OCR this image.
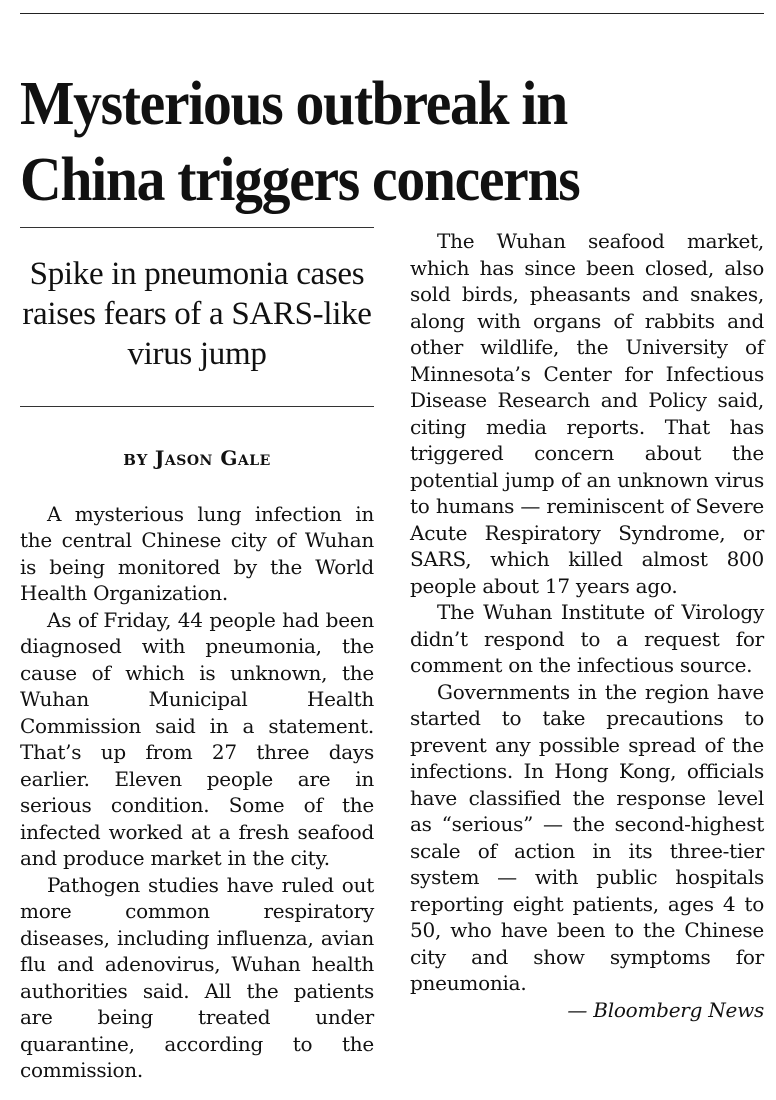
Mysterious outbreak in China triggers concerns
Spike in pneumonia cases raises fears of a SARS-like virus jump
BY Jason Gale

A mysterious lung infection in the central Chinese city of Wuhan is being monitored by the World Health Organization.

As of Friday, 44 people had been diagnosed with pneumonia, the cause of which is unknown, the Wuhan Municipal Health Commission said in a statement. That’s up from 27 three days earlier. Eleven people are in serious condition. Some of the infected worked at a fresh seafood and produce market in the city.

Pathogen studies have ruled out more common respiratory diseases, including influenza, avian flu and adenovirus, Wuhan health authorities said. All the patients are being treated under quarantine, according to the commission.

The Wuhan seafood market, which has since been closed, also sold birds, pheasants and snakes, along with organs of rabbits and other wildlife, the University of Minnesota’s Center for Infectious Disease Research and Policy said, citing media reports. That has triggered concern about the potential jump of an unknown virus to humans — reminiscent of Severe Acute Respiratory Syndrome, or SARS, which killed almost 800 people about 17 years ago.

The Wuhan Institute of Virology didn’t respond to a request for comment on the infectious source.

Governments in the region have started to take precautions to prevent any possible spread of the infections. In Hong Kong, officials have classified the response level as “serious” — the second-highest scale of action in its three-tier system — with public hospitals reporting eight patients, ages 4 to 50, who have been to the Chinese city and show symptoms for pneumonia.

— Bloomberg News
